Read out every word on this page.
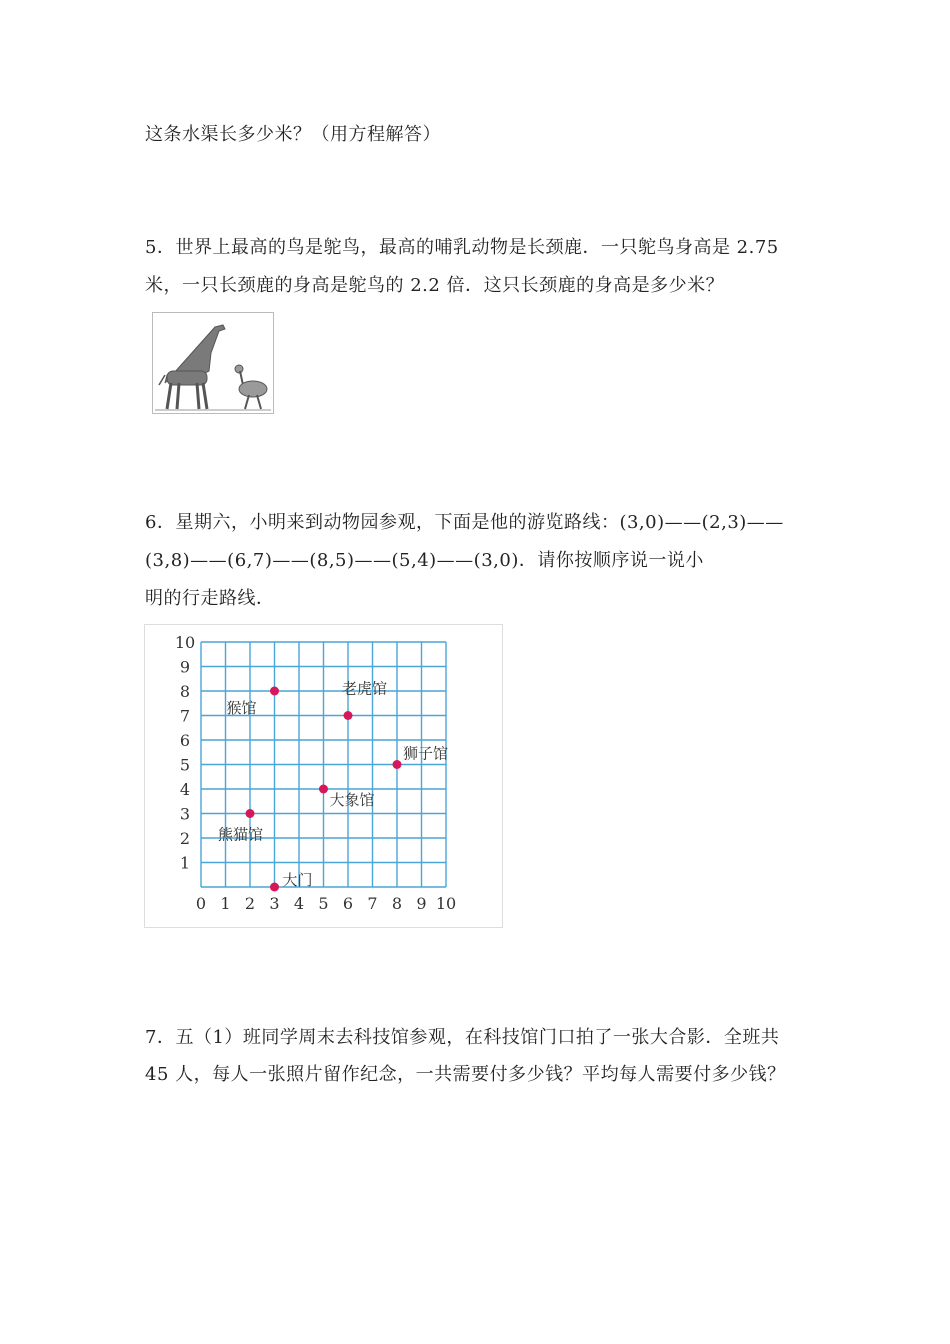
这条水渠长多少米？（用方程解答）
5．世界上最高的鸟是鸵鸟，最高的哺乳动物是长颈鹿．一只鸵鸟身高是 2.75
米，一只长颈鹿的身高是鸵鸟的 2.2 倍．这只长颈鹿的身高是多少米？
6．星期六，小明来到动物园参观，下面是他的游览路线：(3,0)——(2,3)——
(3,8)——(6,7)——(8,5)——(5,4)——(3,0)．请你按顺序说一说小
明的行走路线．
0 1 2 3 4 5 6 7 8 9 10
1
2
3
4
5
6
7
8
9
10
猴馆
老虎馆
狮子馆
大象馆
熊猫馆
大门
7．五（1）班同学周末去科技馆参观，在科技馆门口拍了一张大合影．全班共
45 人，每人一张照片留作纪念，一共需要付多少钱？平均每人需要付多少钱？
